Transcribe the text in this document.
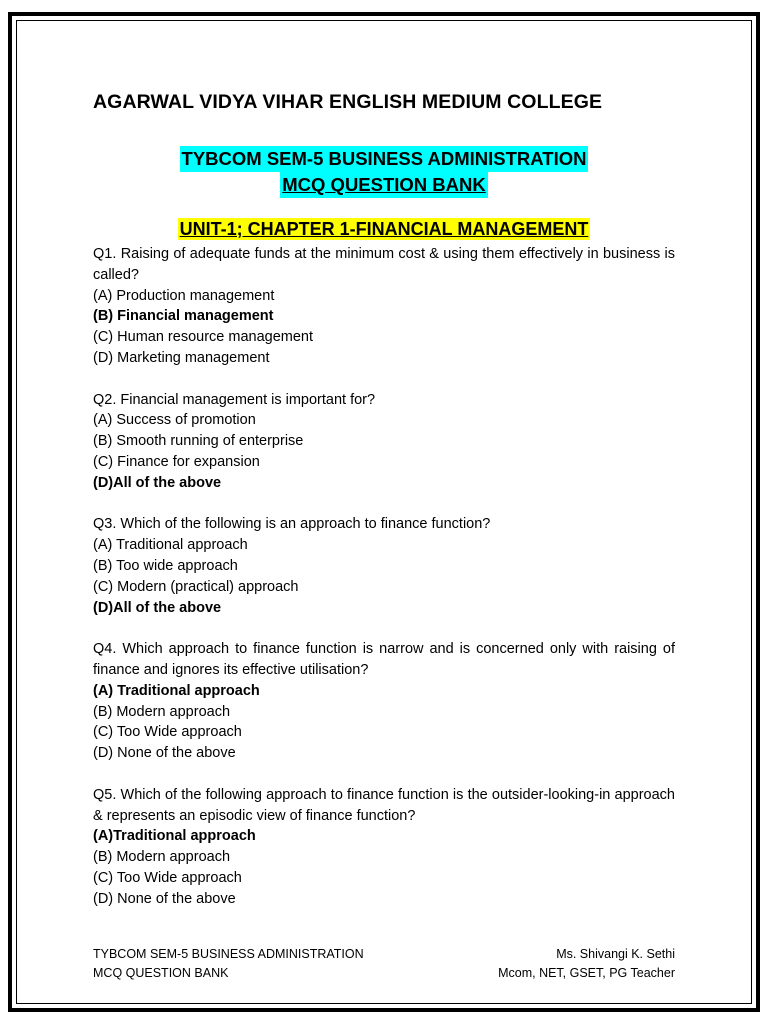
AGARWAL VIDYA VIHAR ENGLISH MEDIUM COLLEGE
TYBCOM SEM-5 BUSINESS ADMINISTRATION
MCQ QUESTION BANK
UNIT-1; CHAPTER 1-FINANCIAL MANAGEMENT
Q1. Raising of adequate funds at the minimum cost & using them effectively in business is called?
(A) Production management
(B) Financial management
(C) Human resource management
(D) Marketing management
Q2. Financial management is important for?
(A) Success of promotion
(B) Smooth running of enterprise
(C) Finance for expansion
(D)All of the above
Q3. Which of the following is an approach to finance function?
(A) Traditional approach
(B) Too wide approach
(C) Modern (practical) approach
(D)All of the above
Q4. Which approach to finance function is narrow and is concerned only with raising of finance and ignores its effective utilisation?
(A) Traditional approach
(B) Modern approach
(C) Too Wide approach
(D) None of the above
Q5. Which of the following approach to finance function is the outsider-looking-in approach & represents an episodic view of finance function?
(A)Traditional approach
(B) Modern approach
(C) Too Wide approach
(D) None of the above
TYBCOM SEM-5 BUSINESS ADMINISTRATION
MCQ QUESTION BANK
Ms. Shivangi K. Sethi
Mcom, NET, GSET, PG Teacher
